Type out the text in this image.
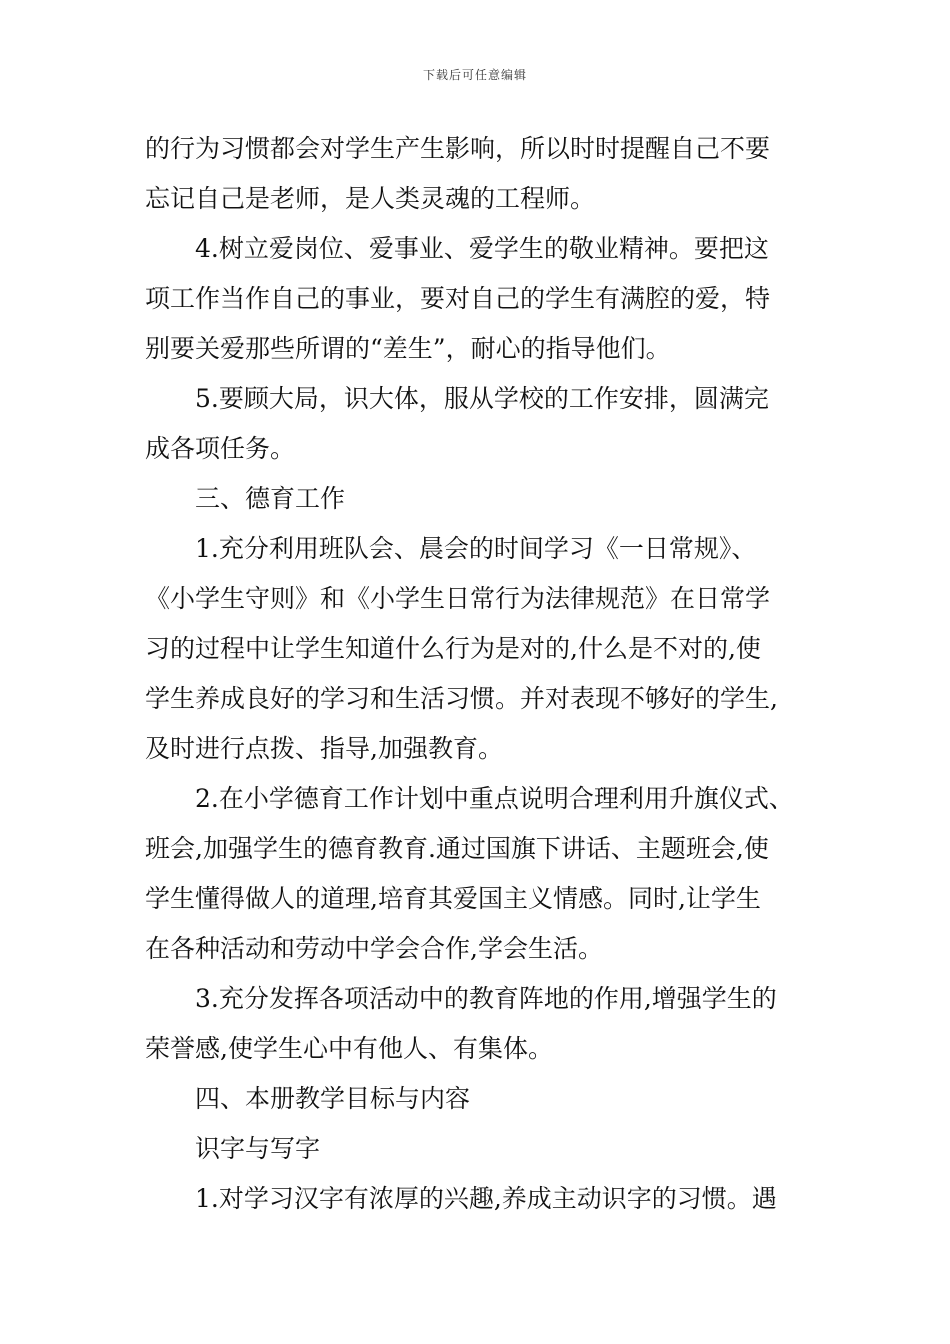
下载后可任意编辑
的行为习惯都会对学生产生影响，所以时时提醒自己不要
忘记自己是老师，是人类灵魂的工程师。
4.树立爱岗位、爱事业、爱学生的敬业精神。要把这
项工作当作自己的事业，要对自己的学生有满腔的爱，特
别要关爱那些所谓的“差生”，耐心的指导他们。
5.要顾大局，识大体，服从学校的工作安排，圆满完
成各项任务。
三、德育工作
1.充分利用班队会、晨会的时间学习《一日常规》、
《小学生守则》和《小学生日常行为法律规范》在日常学
习的过程中让学生知道什么行为是对的,什么是不对的,使
学生养成良好的学习和生活习惯。并对表现不够好的学生,
及时进行点拨、指导,加强教育。
2.在小学德育工作计划中重点说明合理利用升旗仪式、
班会,加强学生的德育教育.通过国旗下讲话、主题班会,使
学生懂得做人的道理,培育其爱国主义情感。同时,让学生
在各种活动和劳动中学会合作,学会生活。
3.充分发挥各项活动中的教育阵地的作用,增强学生的
荣誉感,使学生心中有他人、有集体。
四、本册教学目标与内容
识字与写字
1.对学习汉字有浓厚的兴趣,养成主动识字的习惯。遇
